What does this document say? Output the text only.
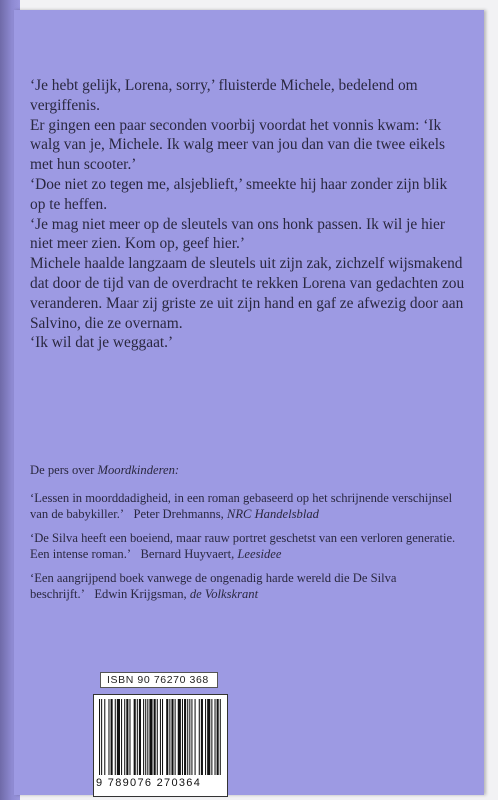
‘Je hebt gelijk, Lorena, sorry,’ fluisterde Michele, bedelend om vergiffenis.

Er gingen een paar seconden voorbij voordat het vonnis kwam: ‘Ik walg van je, Michele. Ik walg meer van jou dan van die twee eikels met hun scooter.’

‘Doe niet zo tegen me, alsjeblieft,’ smeekte hij haar zonder zijn blik op te heffen.

‘Je mag niet meer op de sleutels van ons honk passen. Ik wil je hier niet meer zien. Kom op, geef hier.’

Michele haalde langzaam de sleutels uit zijn zak, zichzelf wijsmakend dat door de tijd van de overdracht te rekken Lorena van gedachten zou veranderen. Maar zij griste ze uit zijn hand en gaf ze afwezig door aan Salvino, die ze overnam.

‘Ik wil dat je weggaat.’

De pers over Moordkinderen:

‘Lessen in moorddadigheid, in een roman gebaseerd op het schrijnende verschijnsel van de babykiller.’ Peter Drehmanns, NRC Handelsblad

‘De Silva heeft een boeiend, maar rauw portret geschetst van een verloren generatie. Een intense roman.’ Bernard Huyvaert, Leesidee

‘Een aangrijpend boek vanwege de ongenadig harde wereld die De Silva beschrijft.’ Edwin Krijgsman, de Volkskrant

ISBN 90 76270 368
9 789076 270364
